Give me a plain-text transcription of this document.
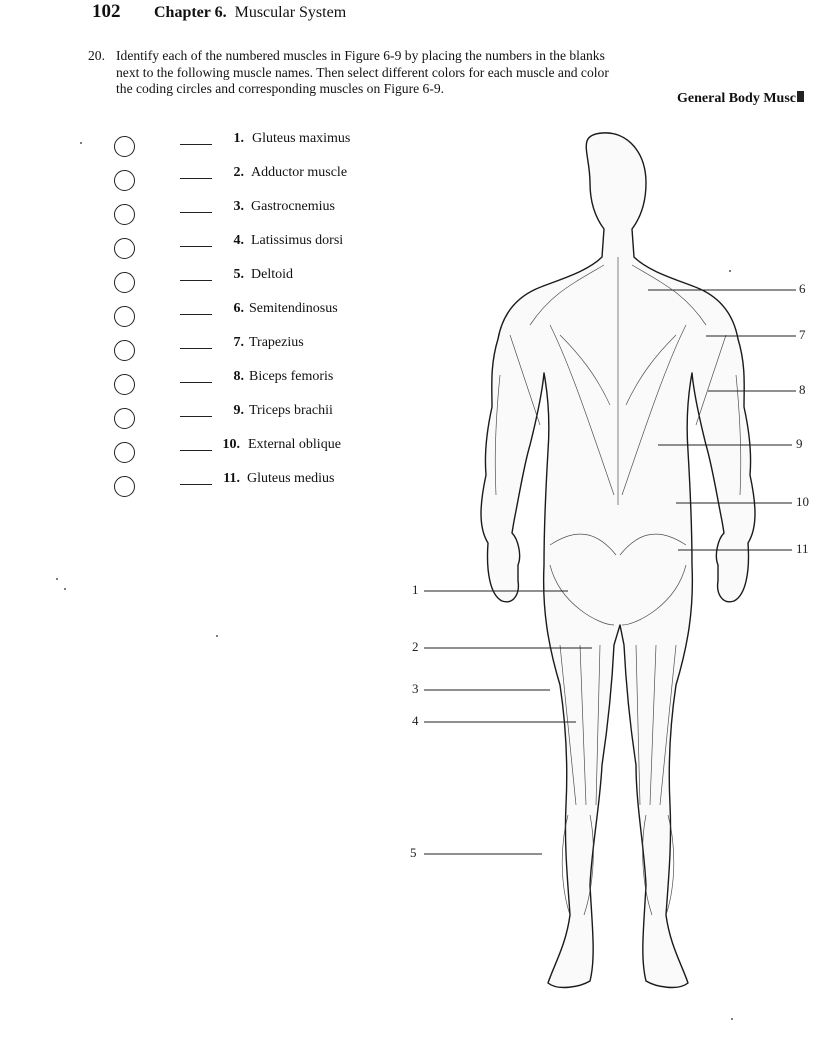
102 Chapter 6. Muscular System
20. Identify each of the numbered muscles in Figure 6-9 by placing the numbers in the blanks next to the following muscle names. Then select different colors for each muscle and color the coding circles and corresponding muscles on Figure 6-9.
General Body Musc
1. Gluteus maximus
2. Adductor muscle
3. Gastrocnemius
4. Latissimus dorsi
5. Deltoid
6. Semitendinosus
7. Trapezius
8. Biceps femoris
9. Triceps brachii
10. External oblique
11. Gluteus medius
1
2
3
4
5
6
7
8
9
10
11
